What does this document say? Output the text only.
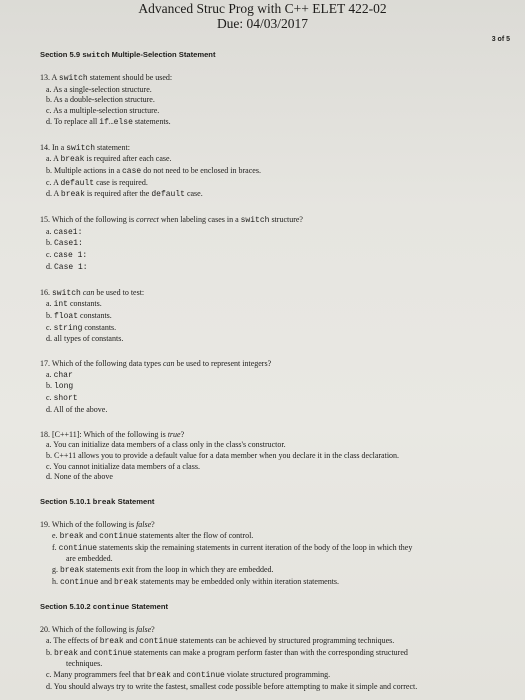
Advanced Struc Prog with C++ ELET 422-02
Due: 04/03/2017
3 of 5
Section 5.9 switch Multiple-Selection Statement
13. A switch statement should be used:
a. As a single-selection structure.
b. As a double-selection structure.
c. As a multiple-selection structure.
d. To replace all if…else statements.
14. In a switch statement:
a. A break is required after each case.
b. Multiple actions in a case do not need to be enclosed in braces.
c. A default case is required.
d. A break is required after the default case.
15. Which of the following is correct when labeling cases in a switch structure?
a. case1:
b. Case1:
c. case 1:
d. Case 1:
16. switch can be used to test:
a. int constants.
b. float constants.
c. string constants.
d. all types of constants.
17. Which of the following data types can be used to represent integers?
a. char
b. long
c. short
d. All of the above.
18. [C++11]: Which of the following is true?
a. You can initialize data members of a class only in the class's constructor.
b. C++11 allows you to provide a default value for a data member when you declare it in the class declaration.
c. You cannot initialize data members of a class.
d. None of the above
Section 5.10.1 break Statement
19. Which of the following is false?
e. break and continue statements alter the flow of control.
f. continue statements skip the remaining statements in current iteration of the body of the loop in which they
are embedded.
g. break statements exit from the loop in which they are embedded.
h. continue and break statements may be embedded only within iteration statements.
Section 5.10.2 continue Statement
20. Which of the following is false?
a. The effects of break and continue statements can be achieved by structured programming techniques.
b. break and continue statements can make a program perform faster than with the corresponding structured
techniques.
c. Many programmers feel that break and continue violate structured programming.
d. You should always try to write the fastest, smallest code possible before attempting to make it simple and correct.
